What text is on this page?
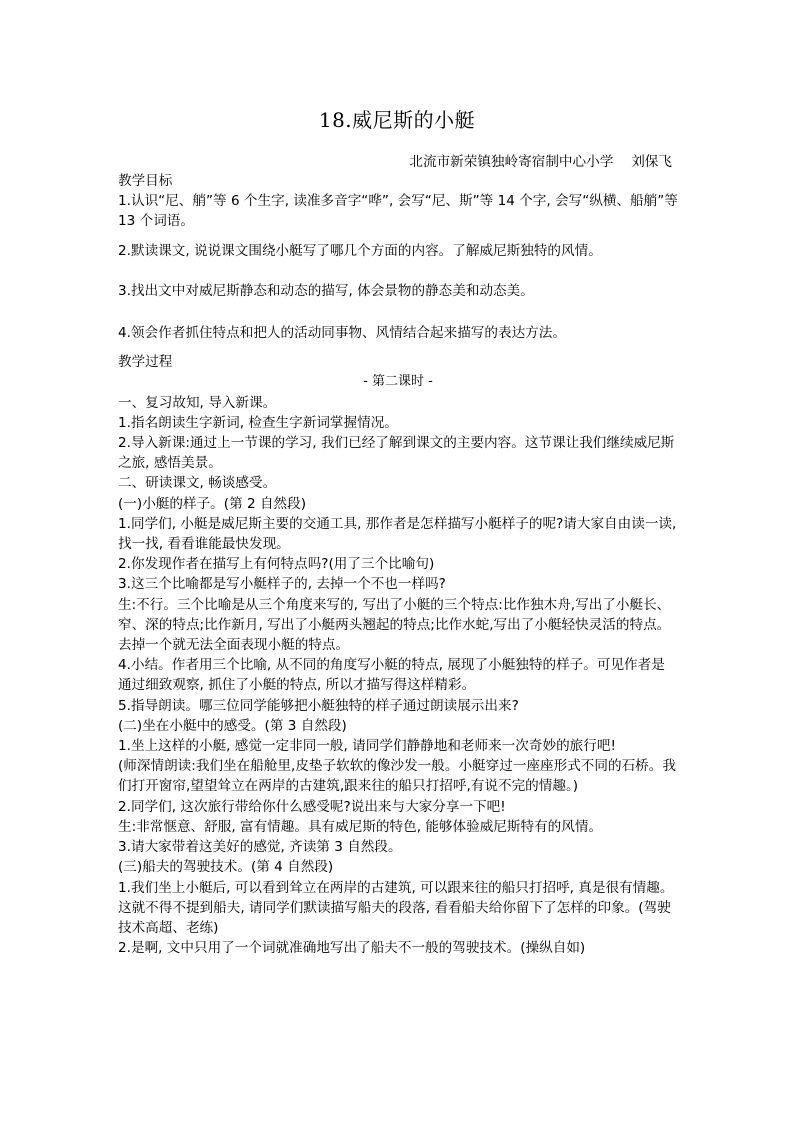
18.威尼斯的小艇
北流市新荣镇独岭寄宿制中心小学　 刘保飞

教学目标

1.认识“尼、艄”等 6 个生字, 读准多音字“哗”, 会写“尼、斯”等 14 个字, 会写“纵横、船艄”等 13 个词语。

2.默读课文, 说说课文围绕小艇写了哪几个方面的内容。了解威尼斯独特的风情。

3.找出文中对威尼斯静态和动态的描写, 体会景物的静态美和动态美。

4.领会作者抓住特点和把人的活动同事物、风情结合起来描写的表达方法。

教学过程

- 第二课时 -

一、复习故知, 导入新课。

1.指名朗读生字新词, 检查生字新词掌握情况。

2.导入新课:通过上一节课的学习, 我们已经了解到课文的主要内容。这节课让我们继续威尼斯之旅, 感悟美景。

二、研读课文, 畅谈感受。

(一)小艇的样子。(第 2 自然段)

1.同学们, 小艇是威尼斯主要的交通工具, 那作者是怎样描写小艇样子的呢?请大家自由读一读, 找一找, 看看谁能最快发现。

2.你发现作者在描写上有何特点吗?(用了三个比喻句)

3.这三个比喻都是写小艇样子的, 去掉一个不也一样吗?

生:不行。三个比喻是从三个角度来写的, 写出了小艇的三个特点:比作独木舟,写出了小艇长、窄、深的特点;比作新月, 写出了小艇两头翘起的特点;比作水蛇,写出了小艇轻快灵活的特点。去掉一个就无法全面表现小艇的特点。

4.小结。作者用三个比喻, 从不同的角度写小艇的特点, 展现了小艇独特的样子。可见作者是通过细致观察, 抓住了小艇的特点, 所以才描写得这样精彩。

5.指导朗读。哪三位同学能够把小艇独特的样子通过朗读展示出来?

(二)坐在小艇中的感受。(第 3 自然段)

1.坐上这样的小艇, 感觉一定非同一般, 请同学们静静地和老师来一次奇妙的旅行吧!

(师深情朗读:我们坐在船舱里,皮垫子软软的像沙发一般。小艇穿过一座座形式不同的石桥。我们打开窗帘,望望耸立在两岸的古建筑,跟来往的船只打招呼,有说不完的情趣。)

2.同学们, 这次旅行带给你什么感受呢?说出来与大家分享一下吧!

生:非常惬意、舒服, 富有情趣。具有威尼斯的特色, 能够体验威尼斯特有的风情。

3.请大家带着这美好的感觉, 齐读第 3 自然段。

(三)船夫的驾驶技术。(第 4 自然段)

1.我们坐上小艇后, 可以看到耸立在两岸的古建筑, 可以跟来往的船只打招呼, 真是很有情趣。这就不得不提到船夫, 请同学们默读描写船夫的段落, 看看船夫给你留下了怎样的印象。(驾驶技术高超、老练)

2.是啊, 文中只用了一个词就准确地写出了船夫不一般的驾驶技术。(操纵自如)
